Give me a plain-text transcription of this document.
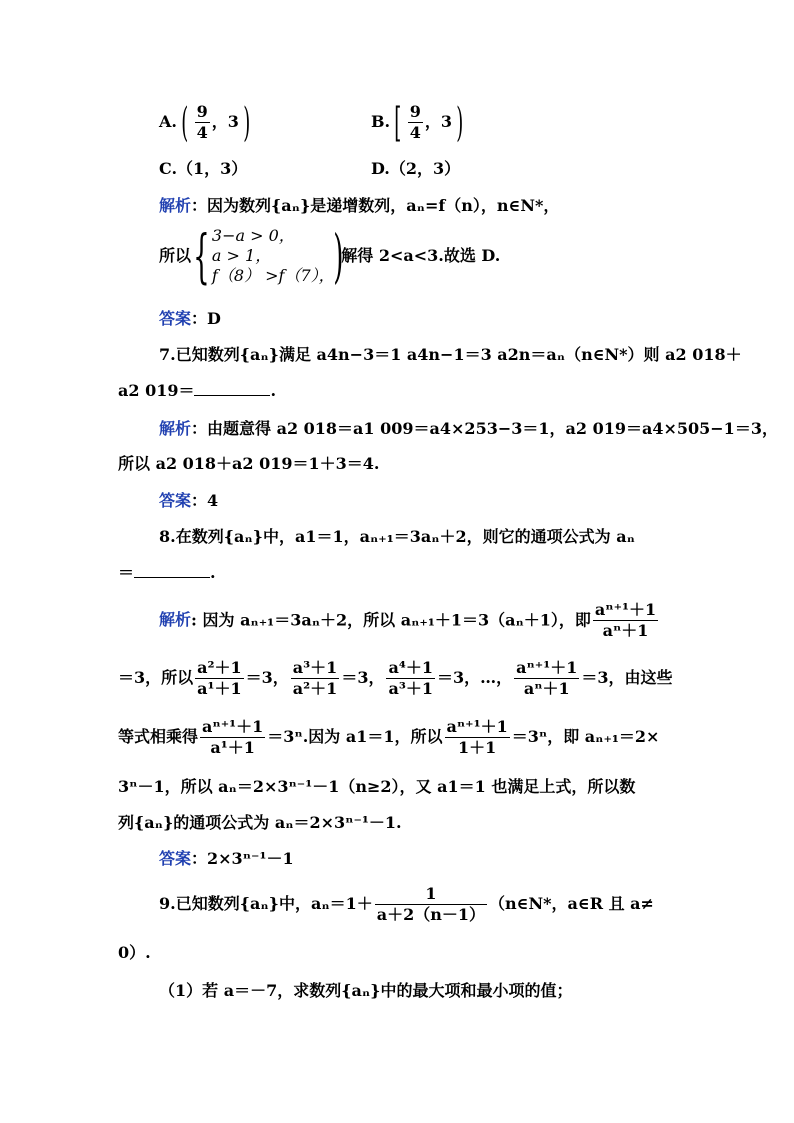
A. ( $\frac{9}{4}$ ，3 )	B. [ $\frac{9}{4}$ ，3 )
C.（1，3）	D.（2，3）
解析：因为数列{aₙ}是递增数列，aₙ=f（n），n∈N*，
所以{ 3−a > 0，
a > 1，
f（8） >f（7），
)解得 2<a<3.故选 D.
答案：D
7.已知数列{aₙ}满足 a4n−3＝1 a4n−1＝3 a2n＝aₙ（n∈N*）则 a2 018＋
a2 019＝	.
解析：由题意得 a2 018＝a1 009＝a4×253−3＝1，a2 019＝a4×505−1＝3，
所以 a2 018＋a2 019＝1＋3＝4.
答案：4
8.在数列{aₙ}中，a1＝1，aₙ₊₁＝3aₙ＋2，则它的通项公式为 aₙ
＝	.
解析: 因为 aₙ₊₁＝3aₙ＋2，所以 aₙ₊₁＋1＝3（aₙ＋1），即 $\frac{\text{aⁿ⁺¹＋1}}{\text{aⁿ＋1}}$
＝3，所以 $\frac{\text{a²＋1}}{\text{a¹＋1}} =3$， $\frac{\text{a³＋1}}{\text{a²＋1}} =3$， $\frac{\text{a⁴＋1}}{\text{a³＋1}} =3$，…， $\frac{\text{aⁿ⁺¹＋1}}{\text{aⁿ＋1}} =3$，由这些
等式相乘得 $\frac{\text{aⁿ⁺¹＋1}}{\text{a¹＋1}} =3^n$.因为 a1＝1，所以 $\frac{\text{aⁿ⁺¹＋1}}{1+1} =3^n$，即 aₙ₊₁＝2×
3ⁿ－1，所以 aₙ＝2×3ⁿ⁻¹－1（n≥2），又 a1＝1 也满足上式，所以数
列{aₙ}的通项公式为 aₙ＝2×3ⁿ⁻¹－1.
答案：2×3ⁿ⁻¹－1
9.已知数列{aₙ}中，$a_n=1+ \frac{1}{a+2(n-1)}$ （n∈N*，a∈R 且 a≠
0）.
（1）若 a＝－7，求数列{aₙ}中的最大项和最小项的值；
